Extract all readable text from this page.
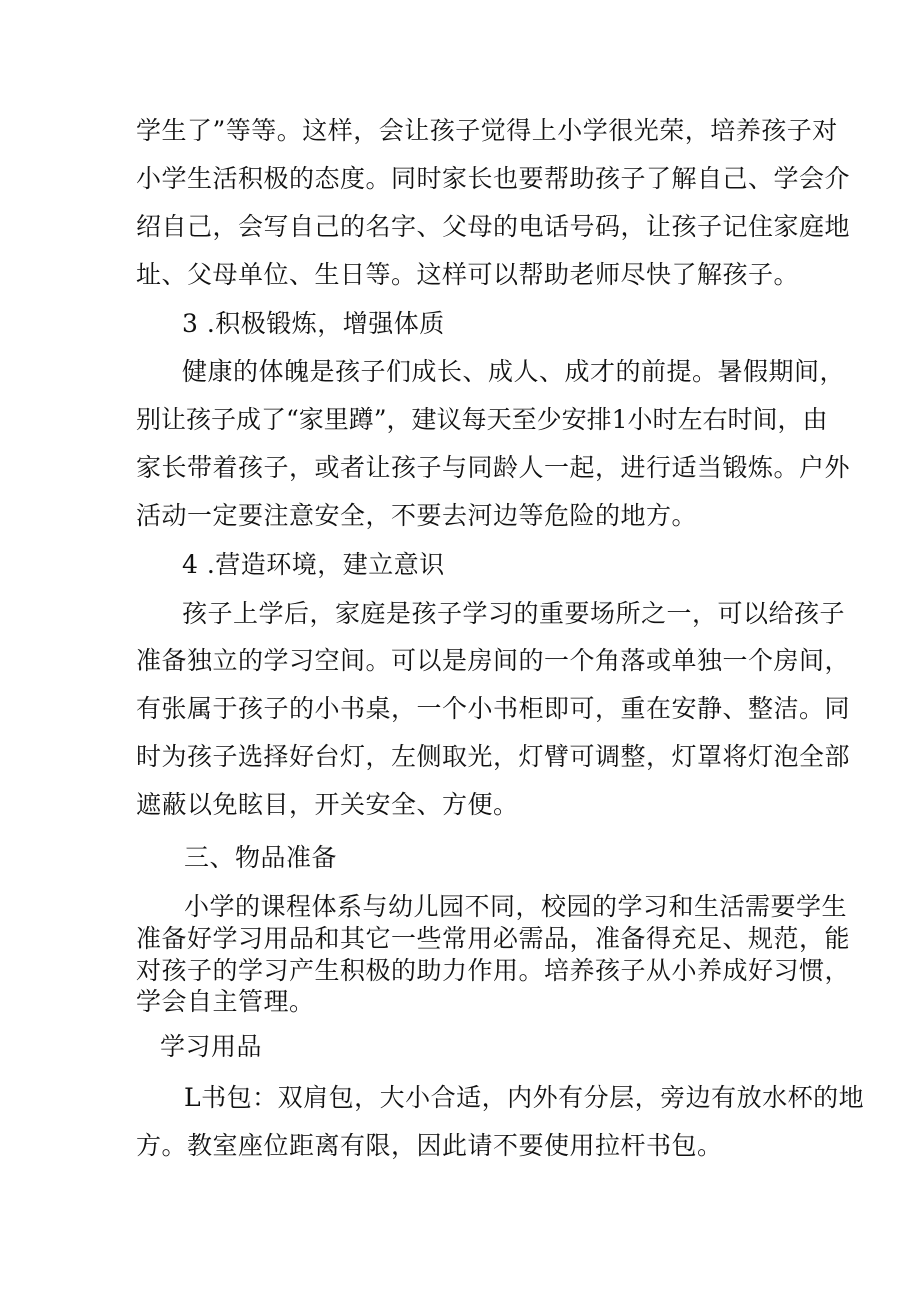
学生了”等等。这样，会让孩子觉得上小学很光荣，培养孩子对
小学生活积极的态度。同时家长也要帮助孩子了解自己、学会介
绍自己，会写自己的名字、父母的电话号码，让孩子记住家庭地
址、父母单位、生日等。这样可以帮助老师尽快了解孩子。
3 .积极锻炼，增强体质
健康的体魄是孩子们成长、成人、成才的前提。暑假期间，
别让孩子成了“家里蹲”，建议每天至少安排1小时左右时间，由
家长带着孩子，或者让孩子与同龄人一起，进行适当锻炼。户外
活动一定要注意安全，不要去河边等危险的地方。
4 .营造环境，建立意识
孩子上学后，家庭是孩子学习的重要场所之一，可以给孩子
准备独立的学习空间。可以是房间的一个角落或单独一个房间，
有张属于孩子的小书桌，一个小书柜即可，重在安静、整洁。同
时为孩子选择好台灯，左侧取光，灯臂可调整，灯罩将灯泡全部
遮蔽以免眩目，开关安全、方便。
三、物品准备
小学的课程体系与幼儿园不同，校园的学习和生活需要学生
准备好学习用品和其它一些常用必需品，准备得充足、规范，能
对孩子的学习产生积极的助力作用。培养孩子从小养成好习惯，
学会自主管理。
学习用品
L书包：双肩包，大小合适，内外有分层，旁边有放水杯的地
方。教室座位距离有限，因此请不要使用拉杆书包。
